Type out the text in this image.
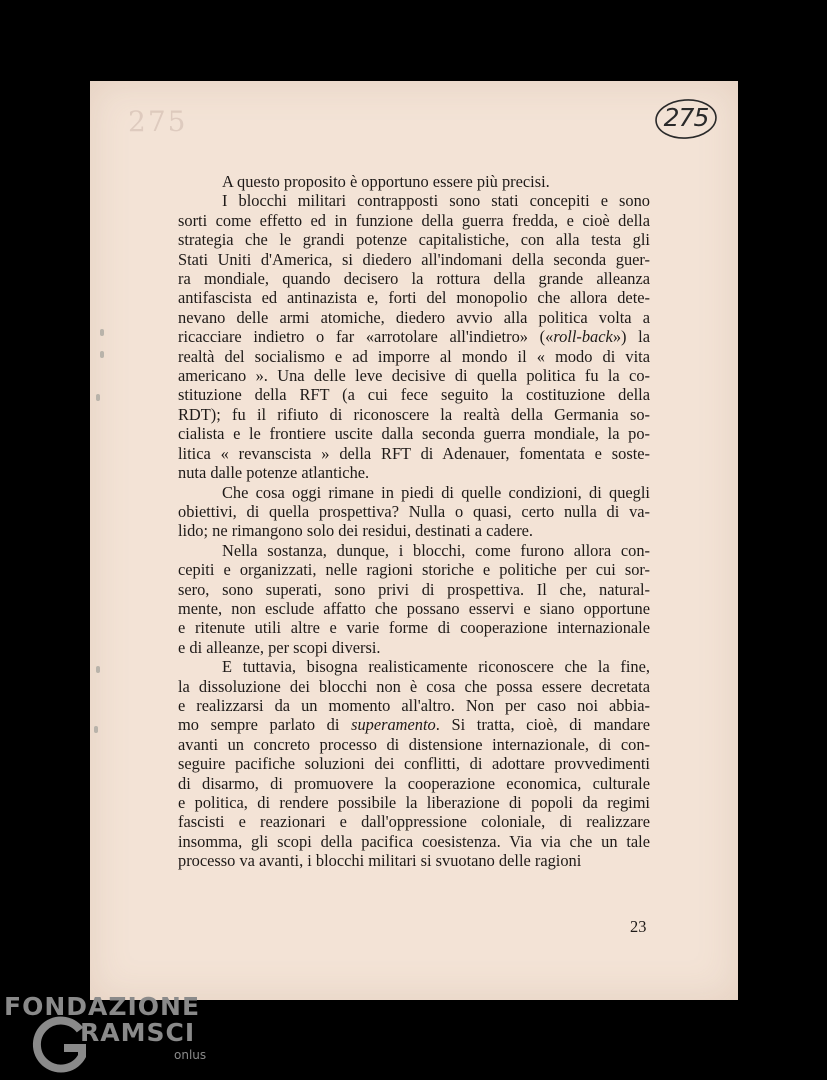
275	275

A questo proposito è opportuno essere più precisi.

I blocchi militari contrapposti sono stati concepiti e sono

sorti come effetto ed in funzione della guerra fredda, e cioè della

strategia che le grandi potenze capitalistiche, con alla testa gli

Stati Uniti d'America, si diedero all'indomani della seconda guer-

ra mondiale, quando decisero la rottura della grande alleanza

antifascista ed antinazista e, forti del monopolio che allora dete-

nevano delle armi atomiche, diedero avvio alla politica volta a

ricacciare indietro o far «arrotolare all'indietro» («roll-back») la

realtà del socialismo e ad imporre al mondo il « modo di vita

americano ». Una delle leve decisive di quella politica fu la co-

stituzione della RFT (a cui fece seguito la costituzione della

RDT); fu il rifiuto di riconoscere la realtà della Germania so-

cialista e le frontiere uscite dalla seconda guerra mondiale, la po-

litica « revanscista » della RFT di Adenauer, fomentata e soste-

nuta dalle potenze atlantiche.

Che cosa oggi rimane in piedi di quelle condizioni, di quegli

obiettivi, di quella prospettiva? Nulla o quasi, certo nulla di va-

lido; ne rimangono solo dei residui, destinati a cadere.

Nella sostanza, dunque, i blocchi, come furono allora con-

cepiti e organizzati, nelle ragioni storiche e politiche per cui sor-

sero, sono superati, sono privi di prospettiva. Il che, natural-

mente, non esclude affatto che possano esservi e siano opportune

e ritenute utili altre e varie forme di cooperazione internazionale

e di alleanze, per scopi diversi.

E tuttavia, bisogna realisticamente riconoscere che la fine,

la dissoluzione dei blocchi non è cosa che possa essere decretata

e realizzarsi da un momento all'altro. Non per caso noi abbia-

mo sempre parlato di superamento. Si tratta, cioè, di mandare

avanti un concreto processo di distensione internazionale, di con-

seguire pacifiche soluzioni dei conflitti, di adottare provvedimenti

di disarmo, di promuovere la cooperazione economica, culturale

e politica, di rendere possibile la liberazione di popoli da regimi

fascisti e reazionari e dall'oppressione coloniale, di realizzare

insomma, gli scopi della pacifica coesistenza. Via via che un tale

processo va avanti, i blocchi militari si svuotano delle ragioni

23
FONDAZIONE
RAMSCI
onlus
